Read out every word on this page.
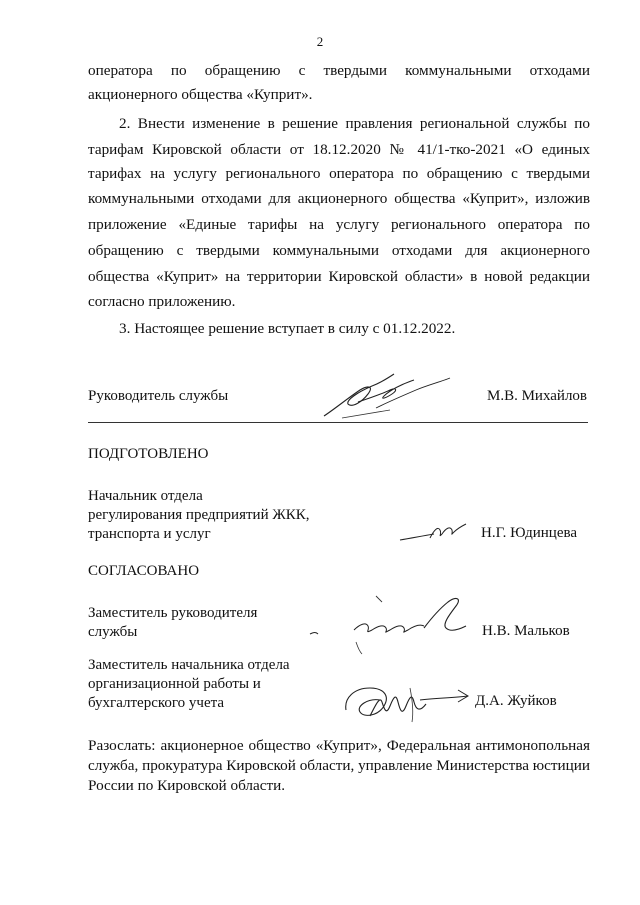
2
оператора по обращению с твердыми коммунальными отходами
акционерного общества «Куприт».
2. Внести изменение в решение правления региональной службы по
тарифам Кировской области от 18.12.2020 № 41/1-тко-2021 «О единых
тарифах на услугу регионального оператора по обращению с твердыми
коммунальными отходами для акционерного общества «Куприт», изложив
приложение «Единые тарифы на услугу регионального оператора по
обращению с твердыми коммунальными отходами для акционерного
общества «Куприт» на территории Кировской области» в новой редакции
согласно приложению.
3. Настоящее решение вступает в силу с 01.12.2022.
Руководитель службы	М.В. Михайлов
ПОДГОТОВЛЕНО
Начальник отдела
регулирования предприятий ЖКК,
транспорта и услуг	Н.Г. Юдинцева
СОГЛАСОВАНО
Заместитель руководителя
службы	Н.В. Мальков
Заместитель начальника отдела
организационной работы и
бухгалтерского учета	Д.А. Жуйков
Разослать: акционерное общество «Куприт», Федеральная антимонопольная
служба, прокуратура Кировской области, управление Министерства юстиции
России по Кировской области.
